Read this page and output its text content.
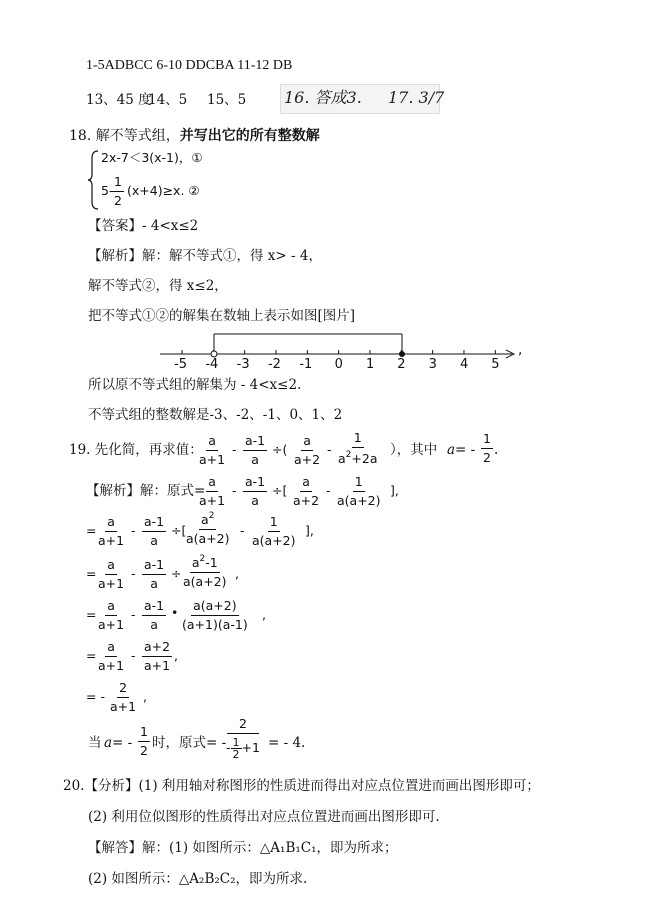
1-5ADBCC 6-10 DDCBA 11-12 DB
13、45 度
14、5 15、5 16. 答成3. 17. 3/7
18. 解不等式组，并写出它的所有整数解
2x-7＜3(x-1)，①
5-
$\frac{1}{2} (x+4)\ge x$. ②
【答案】- 4<x≤2
【解析】解：解不等式①，得 x> - 4，
解不等式②，得 x≤2，
把不等式①②的解集在数轴上表示如图[图片]
-5 -4 -3 -2 -1 0 1 2 3 4 5
,
所以原不等式组的解集为 - 4<x≤2.
不等式组的整数解是-3、-2、-1、0、1、2
19. 先化简，再求值：
$\frac{a}{a+1} - \frac{a-1}{a}$ ÷( $\frac{a}{a+2} - \frac{1}{a^2+2a}$ ），其中 $a= - \frac{1}{2}$ .
【解析】解：原式=
$\frac{a}{a+1} - \frac{a-1}{a}$ ÷[ $\frac{a}{a+2} - \frac{1}{a(a+2)}$ ],
= $\frac{a}{a+1} - \frac{a-1}{a}$ ÷[ $\frac{a^2}{a(a+2)} - \frac{1}{a(a+2)}$ ],
= $\frac{a}{a+1} - \frac{a-1}{a} \div \frac{a^2-1}{a(a+2)}$ ,
= $\frac{a}{a+1} - \frac{a-1}{a}$ • $\frac{a(a+2)}{(a+1)(a-1)}$ ,
= $\frac{a}{a+1} - \frac{a+2}{a+1}$ ,
= - $\frac{2}{a+1}$ ,
当 $a= - \frac{1}{2}$ 时，原式= - 2
- 1
2 +1 = - 4.
20.【分析】(1) 利用轴对称图形的性质进而得出对应点位置进而画出图形即可；
(2) 利用位似图形的性质得出对应点位置进而画出图形即可.
【解答】解：(1) 如图所示：△A₁B₁C₁，即为所求；
(2) 如图所示：△A₂B₂C₂，即为所求.
